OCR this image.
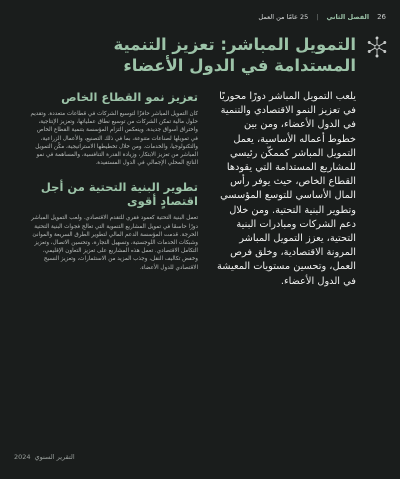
26
الفصل الثاني
|
25 عامًا من العمل
التمويل المباشر: تعزيز التنمية المستدامة في الدول الأعضاء

يلعب التمويل المباشر دورًا محوريًا في تعزيز النمو الاقتصادي والتنمية في الدول الأعضاء، ومن بين خطوط أعماله الأساسية، يعمل التمويل المباشر كممكّن رئيسي للمشاريع المستدامة التي يقودها القطاع الخاص، حيث يوفر رأس المال الأساسي للتوسع المؤسسي وتطوير البنية التحتية. ومن خلال دعم الشركات ومبادرات البنية التحتية، يعزز التمويل المباشر المرونة الاقتصادية، وخلق فرص العمل، وتحسين مستويات المعيشة في الدول الأعضاء.

تعزيز نمو القطاع الخاص

كان التمويل المباشر حافزًا لتوسيع الشركات في قطاعات متعددة. وتقديم حلول مالية تمكن الشركات من توسيع نطاق عملياتها، وتعزيز الإنتاجية، واختراق أسواق جديدة. وينعكس التزام المؤسسة بتنمية القطاع الخاص في تمويلها لصناعات متنوعة، بما في ذلك التصنيع، والأعمال الزراعية، والتكنولوجيا، والخدمات. ومن خلال تخطيطها الاستراتيجية، مكّن التمويل المباشر من تعزيز الابتكار، وزيادة القدرة التنافسية، والمساهمة في نمو الناتج المحلي الإجمالي في الدول المستفيدة.

تطوير البنية التحتية من أجل اقتصادٍ أقوى

تعمل البنية التحتية كعمود فقري للتقدم الاقتصادي. ولعب التمويل المباشر دورًا حاسمًا في تمويل المشاريع التنموية التي تعالج فجوات البنية التحتية الحرجة. قدمت المؤسسة الدعم المالي لتطوير الطرق السريعة والموانئ وشبكات الخدمات اللوجستية، وتسهيل التجارة، وتحسين الاتصال، وتعزيز التكامل الاقتصادي. تعمل هذه المشاريع على تعزيز التعاون الإقليمي، وخفض تكاليف النقل، وجذب المزيد من الاستثمارات، وتعزيز النسيج الاقتصادي للدول الأعضاء.

التقرير السنوي
2024
